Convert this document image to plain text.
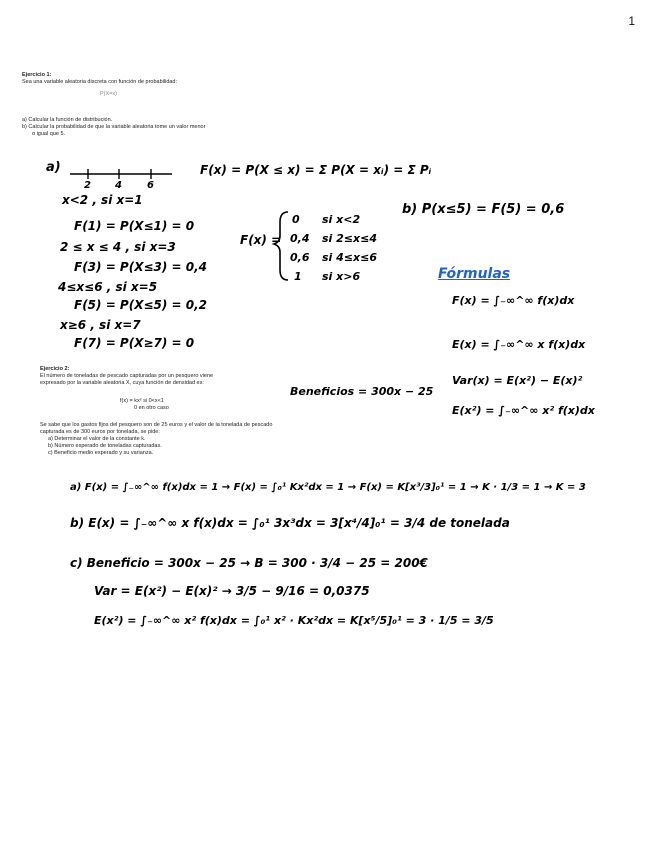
1
Ejercicio 1:
Sea una variable aleatoria discreta con función de probabilidad:
P(X=x)
a) Calcular la función de distribución.
b) Calcular la probabilidad de que la variable aleatoria tome un valor menor
o igual que 5.
a)
2 4	6
F(x) = P(X ≤ x) = Σ P(X = xᵢ) = Σ Pᵢ
x<2 , si x=1
F(1) = P(X≤1) = 0
2 ≤ x ≤ 4 , si x=3
F(3) = P(X≤3) = 0,4
4≤x≤6 , si x=5
F(5) = P(X≤5) = 0,2
x≥6 , si x=7
F(7) = P(X≥7) = 0
F(x) =
0 si x<2
0,4 si 2≤x≤4
0,6 si 4≤x≤6
1 si x>6
b) P(x≤5) = F(5) = 0,6
Fórmulas
F(x) = ∫₋∞^∞ f(x)dx
E(x) = ∫₋∞^∞ x f(x)dx
Var(x) = E(x²) − E(x)²
E(x²) = ∫₋∞^∞ x² f(x)dx
Ejercicio 2:
El número de toneladas de pescado capturadas por un pesquero viene
expresado por la variable aleatoria X, cuya función de densidad es:
f(x) = kx² si 0<x<1
0 en otro caso
Se sabe que los gastos fijos del pesquero son de 25 euros y el valor de la tonelada de pescado
capturada es de 300 euros por tonelada, se pide:
a) Determinar el valor de la constante k.
b) Número esperado de toneladas capturadas.
c) Beneficio medio esperado y su varianza.
Beneficios = 300x − 25
a) F(x) = ∫₋∞^∞ f(x)dx = 1 → F(x) = ∫₀¹ Kx²dx = 1 → F(x) = K[x³/3]₀¹ = 1 → K · 1/3 = 1 → K = 3
b) E(x) = ∫₋∞^∞ x f(x)dx = ∫₀¹ 3x³dx = 3[x⁴/4]₀¹ = 3/4 de tonelada
c) Beneficio = 300x − 25 → B = 300 · 3/4 − 25 = 200€
Var = E(x²) − E(x)² → 3/5 − 9/16 = 0,0375
E(x²) = ∫₋∞^∞ x² f(x)dx = ∫₀¹ x² · Kx²dx = K[x⁵/5]₀¹ = 3 · 1/5 = 3/5
